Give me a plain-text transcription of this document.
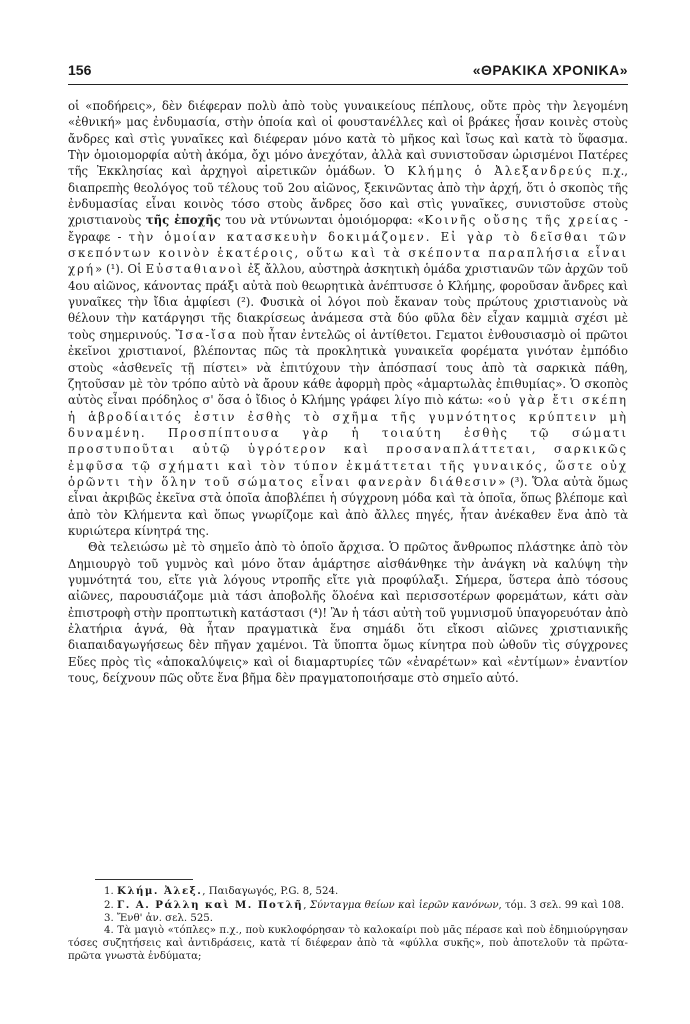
156	«ΘΡΑΚΙΚΑ ΧΡΟΝΙΚΑ»

οἱ «ποδήρεις», δὲν διέφεραν πολὺ ἀπὸ τοὺς γυναικείους πέπλους, οὔτε πρὸς τὴν λεγομένη «ἐθνική» μας ἐνδυμασία, στὴν ὁποία καὶ οἱ φουστανέλλες καὶ οἱ βράκες ἦσαν κοινὲς στοὺς ἄνδρες καὶ στὶς γυναῖκες καὶ διέφεραν μόνο κατὰ τὸ μῆκος καὶ ἴσως καὶ κατὰ τὸ ὕφασμα. Τὴν ὁμοιομορφία αὐτὴ ἀκόμα, ὄχι μόνο ἀνεχόταν, ἀλλὰ καὶ συνιστοῦσαν ὡρισμένοι Πατέρες τῆς Ἐκκλησίας καὶ ἀρχηγοὶ αἱρετικῶν ὁμάδων. Ὁ Κλήμης ὁ Ἀλεξανδρεύς π.χ., διαπρεπὴς θεολόγος τοῦ τέλους τοῦ 2ου αἰῶνος, ξεκινῶντας ἀπὸ τὴν ἀρχή, ὅτι ὁ σκοπὸς τῆς ἐνδυμασίας εἶναι κοινὸς τόσο στοὺς ἄνδρες ὅσο καὶ στὶς γυναῖκες, συνιστοῦσε στοὺς χριστιανοὺς τῆς ἐποχῆς του νὰ ντύνωνται ὁμοιόμορφα: «Κοινῆς οὔσης τῆς χρείας - ἔγραφε - τὴν ὁμοίαν κατασκευὴν δοκιμάζομεν. Εἰ γὰρ τὸ δεῖσθαι τῶν σκεπόντων κοινὸν ἑκατέροις, οὕτω καὶ τὰ σκέποντα παραπλήσια εἶναι χρή» (¹). Οἱ Εὐσταθιανοὶ ἐξ ἄλλου, αὐστηρὰ ἀσκητικὴ ὁμάδα χριστιανῶν τῶν ἀρχῶν τοῦ 4ου αἰῶνος, κάνοντας πράξι αὐτὰ ποὺ θεωρητικὰ ἀνέπτυσσε ὁ Κλήμης, φοροῦσαν ἄνδρες καὶ γυναῖκες τὴν ἴδια ἀμφίεσι (²). Φυσικὰ οἱ λόγοι ποὺ ἔκαναν τοὺς πρώτους χριστιανοὺς νὰ θέλουν τὴν κατάργησι τῆς διακρίσεως ἀνάμεσα στὰ δύο φῦλα δὲν εἶχαν καμμιὰ σχέσι μὲ τοὺς σημερινούς. Ἴσα-ἴσα ποὺ ἦταν ἐντελῶς οἱ ἀντίθετοι. Γεματοι ἐνθουσιασμὸ οἱ πρῶτοι ἐκεῖνοι χριστιανοί, βλέποντας πῶς τὰ προκλητικὰ γυναικεῖα φορέματα γινόταν ἐμπόδιο στοὺς «ἀσθενεῖς τῇ πίστει» νὰ ἐπιτύχουν τὴν ἀπόσπασί τους ἀπὸ τὰ σαρκικὰ πάθη, ζητοῦσαν μὲ τὸν τρόπο αὐτὸ νὰ ἄρουν κάθε ἀφορμὴ πρὸς «ἁμαρτωλὰς ἐπιθυμίας». Ὁ σκοπὸς αὐτὸς εἶναι πρόδηλος σ' ὅσα ὁ ἴδιος ὁ Κλήμης γράφει λίγο πιὸ κάτω: «οὐ γὰρ ἔτι σκέπη ἡ ἁβροδίαιτός ἐστιν ἐσθὴς τὸ σχῆμα τῆς γυμνότητος κρύπτειν μὴ δυναμένη. Προσπίπτουσα γὰρ ἡ τοιαύτη ἐσθὴς τῷ σώματι προστυποῦται αὐτῷ ὑγρότερον καὶ προσαναπλάττεται, σαρκικῶς ἐμφῦσα τῷ σχήματι καὶ τὸν τύπον ἐκμάττεται τῆς γυναικός, ὥστε οὐχ ὁρῶντι τὴν ὅλην τοῦ σώματος εἶναι φανερὰν διάθεσιν» (³). Ὅλα αὐτὰ ὅμως εἶναι ἀκριβῶς ἐκεῖνα στὰ ὁποῖα ἀποβλέπει ἡ σύγχρονη μόδα καὶ τὰ ὁποῖα, ὅπως βλέπομε καὶ ἀπὸ τὸν Κλήμεντα καὶ ὅπως γνωρίζομε καὶ ἀπὸ ἄλλες πηγές, ἦταν ἀνέκαθεν ἕνα ἀπὸ τὰ κυριώτερα κίνητρά της.

Θὰ τελειώσω μὲ τὸ σημεῖο ἀπὸ τὸ ὁποῖο ἄρχισα. Ὁ πρῶτος ἄνθρωπος πλάστηκε ἀπὸ τὸν Δημιουργὸ τοῦ γυμνὸς καὶ μόνο ὅταν ἁμάρτησε αἰσθάνθηκε τὴν ἀνάγκη νὰ καλύψη τὴν γυμνότητά του, εἴτε γιὰ λόγους ντροπῆς εἴτε γιὰ προφύλαξι. Σήμερα, ὕστερα ἀπὸ τόσους αἰῶνες, παρουσιάζομε μιὰ τάσι ἀποβολῆς ὅλοένα καὶ περισσοτέρων φορεμάτων, κάτι σὰν ἐπιστροφὴ στὴν προπτωτικὴ κατάστασι (⁴)! Ἂν ἡ τάσι αὐτὴ τοῦ γυμνισμοῦ ὑπαγορευόταν ἀπὸ ἐλατήρια ἁγνά, θὰ ἦταν πραγματικὰ ἕνα σημάδι ὅτι εἴκοσι αἰῶνες χριστιανικῆς διαπαιδαγωγήσεως δὲν πῆγαν χαμένοι. Τὰ ὕποπτα ὅμως κίνητρα ποὺ ὠθοῦν τὶς σύγχρονες Εὕες πρὸς τὶς «ἀποκαλύψεις» καὶ οἱ διαμαρτυρίες τῶν «ἐναρέτων» καὶ «ἐντίμων» ἐναντίον τους, δείχνουν πῶς οὔτε ἕνα βῆμα δὲν πραγματοποιήσαμε στὸ σημεῖο αὐτό.

1. Κλήμ. Ἀλεξ., Παιδαγωγός, P.G. 8, 524.

2. Γ. Α. Ράλλη καὶ Μ. Ποτλῆ, Σύνταγμα θείων καὶ ἱερῶν κανόνων, τόμ. 3 σελ. 99 καὶ 108.

3. Ἔνθ' ἀν. σελ. 525.

4. Τὰ μαγιὸ «τόπλες» π.χ., ποὺ κυκλοφόρησαν τὸ καλοκαίρι ποὺ μᾶς πέρασε καὶ ποὺ ἐδημιούργησαν τόσες συζητήσεις καὶ ἀντιδράσεις, κατὰ τί διέφεραν ἀπὸ τὰ «φύλλα συκῆς», ποὺ ἀποτελοῦν τὰ πρῶτα-πρῶτα γνωστὰ ἐνδύματα;
